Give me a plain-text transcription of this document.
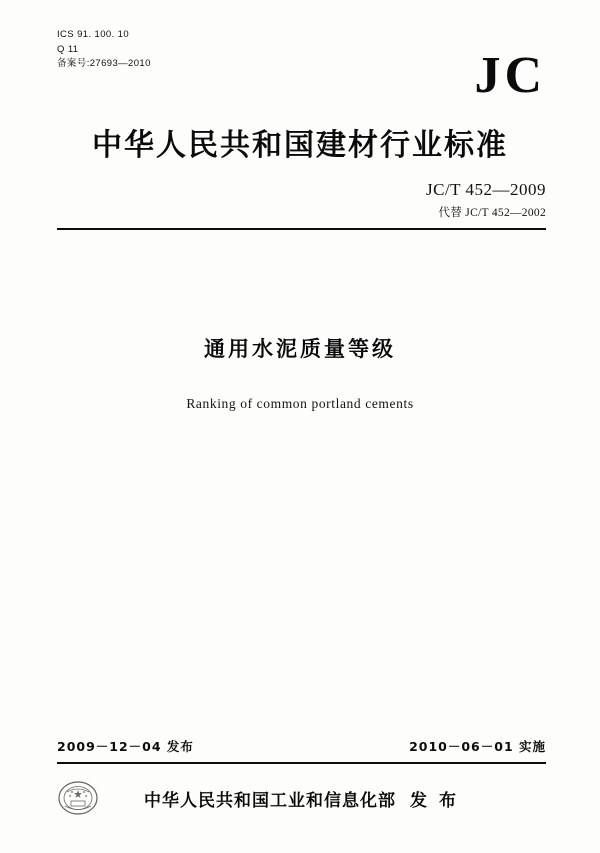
ICS 91. 100. 10
Q 11
备案号:27693—2010	JC
中华人民共和国建材行业标准
JC/T 452—2009
代替 JC/T 452—2002
通用水泥质量等级
Ranking of common portland cements
2009－12－04 发布	2010－06－01 实施
中华人民共和国工业和信息化部 发 布
